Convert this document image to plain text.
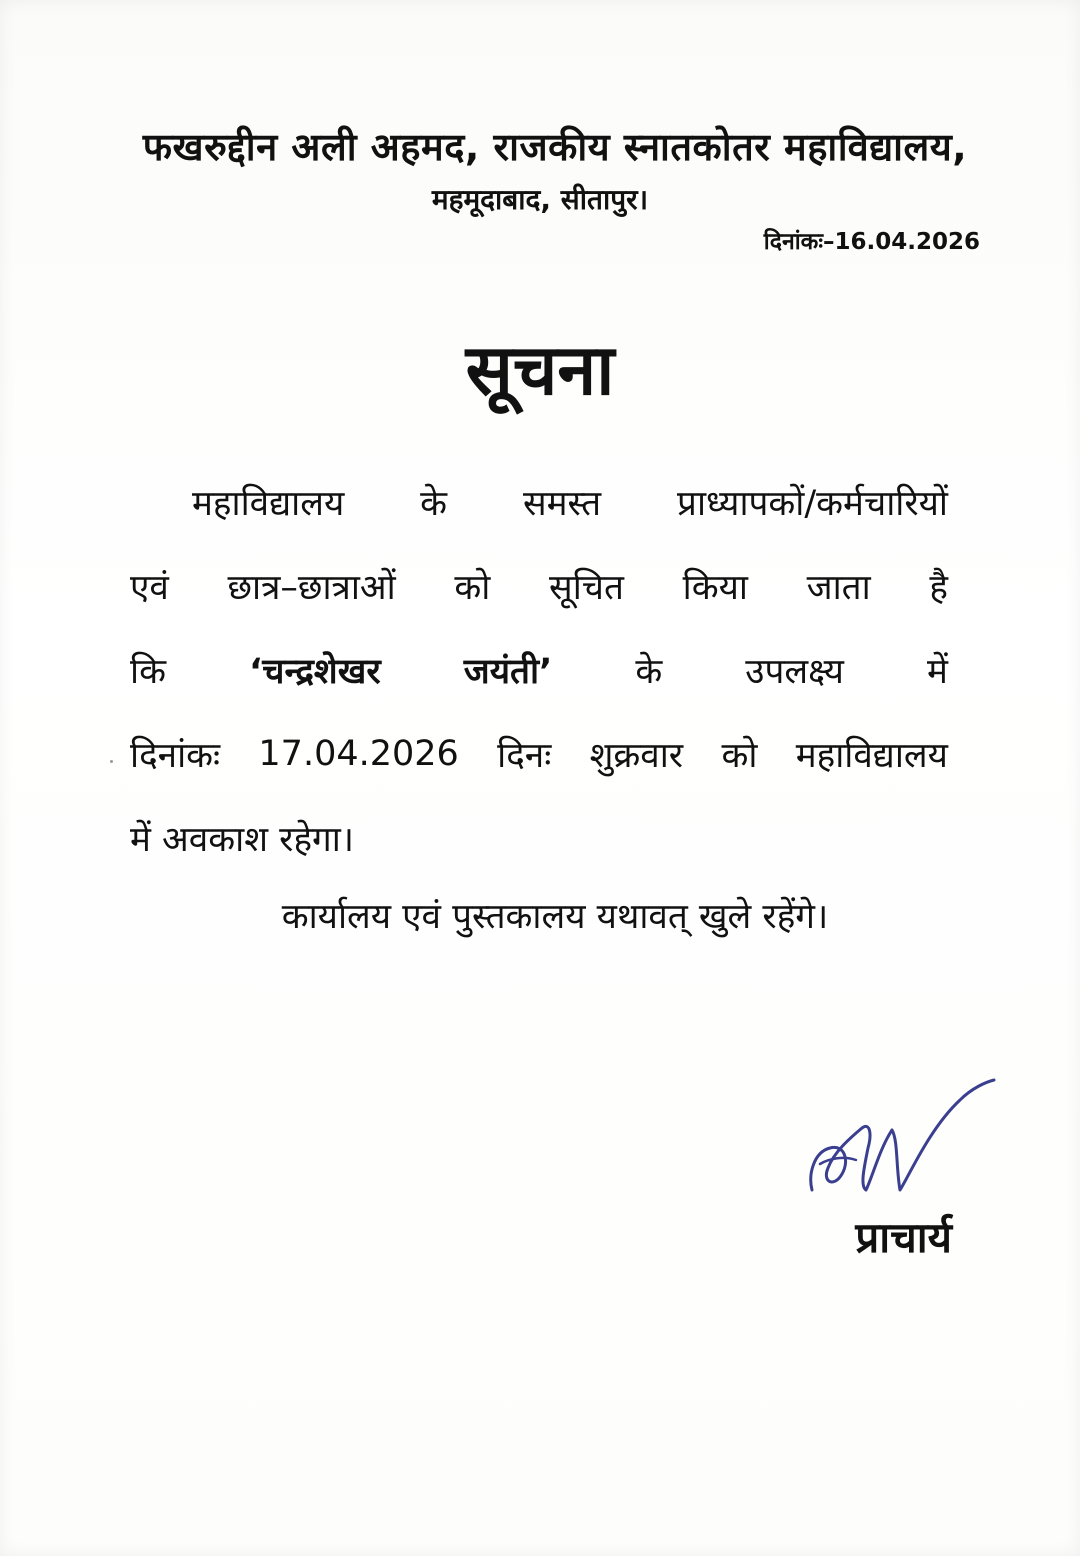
फखरुद्दीन अली अहमद, राजकीय स्नातकोतर महाविद्यालय,
महमूदाबाद, सीतापुर।
दिनांकः–16.04.2026
सूचना
महाविद्यालय के समस्त प्राध्यापकों/कर्मचारियों
एवं छात्र–छात्राओं को सूचित किया जाता है
कि ‘चन्द्रशेखर जयंती’ के उपलक्ष्य में
दिनांकः 17.04.2026 दिनः शुक्रवार को महाविद्यालय
में अवकाश रहेगा।
कार्यालय एवं पुस्तकालय यथावत् खुले रहेंगे।
प्राचार्य
